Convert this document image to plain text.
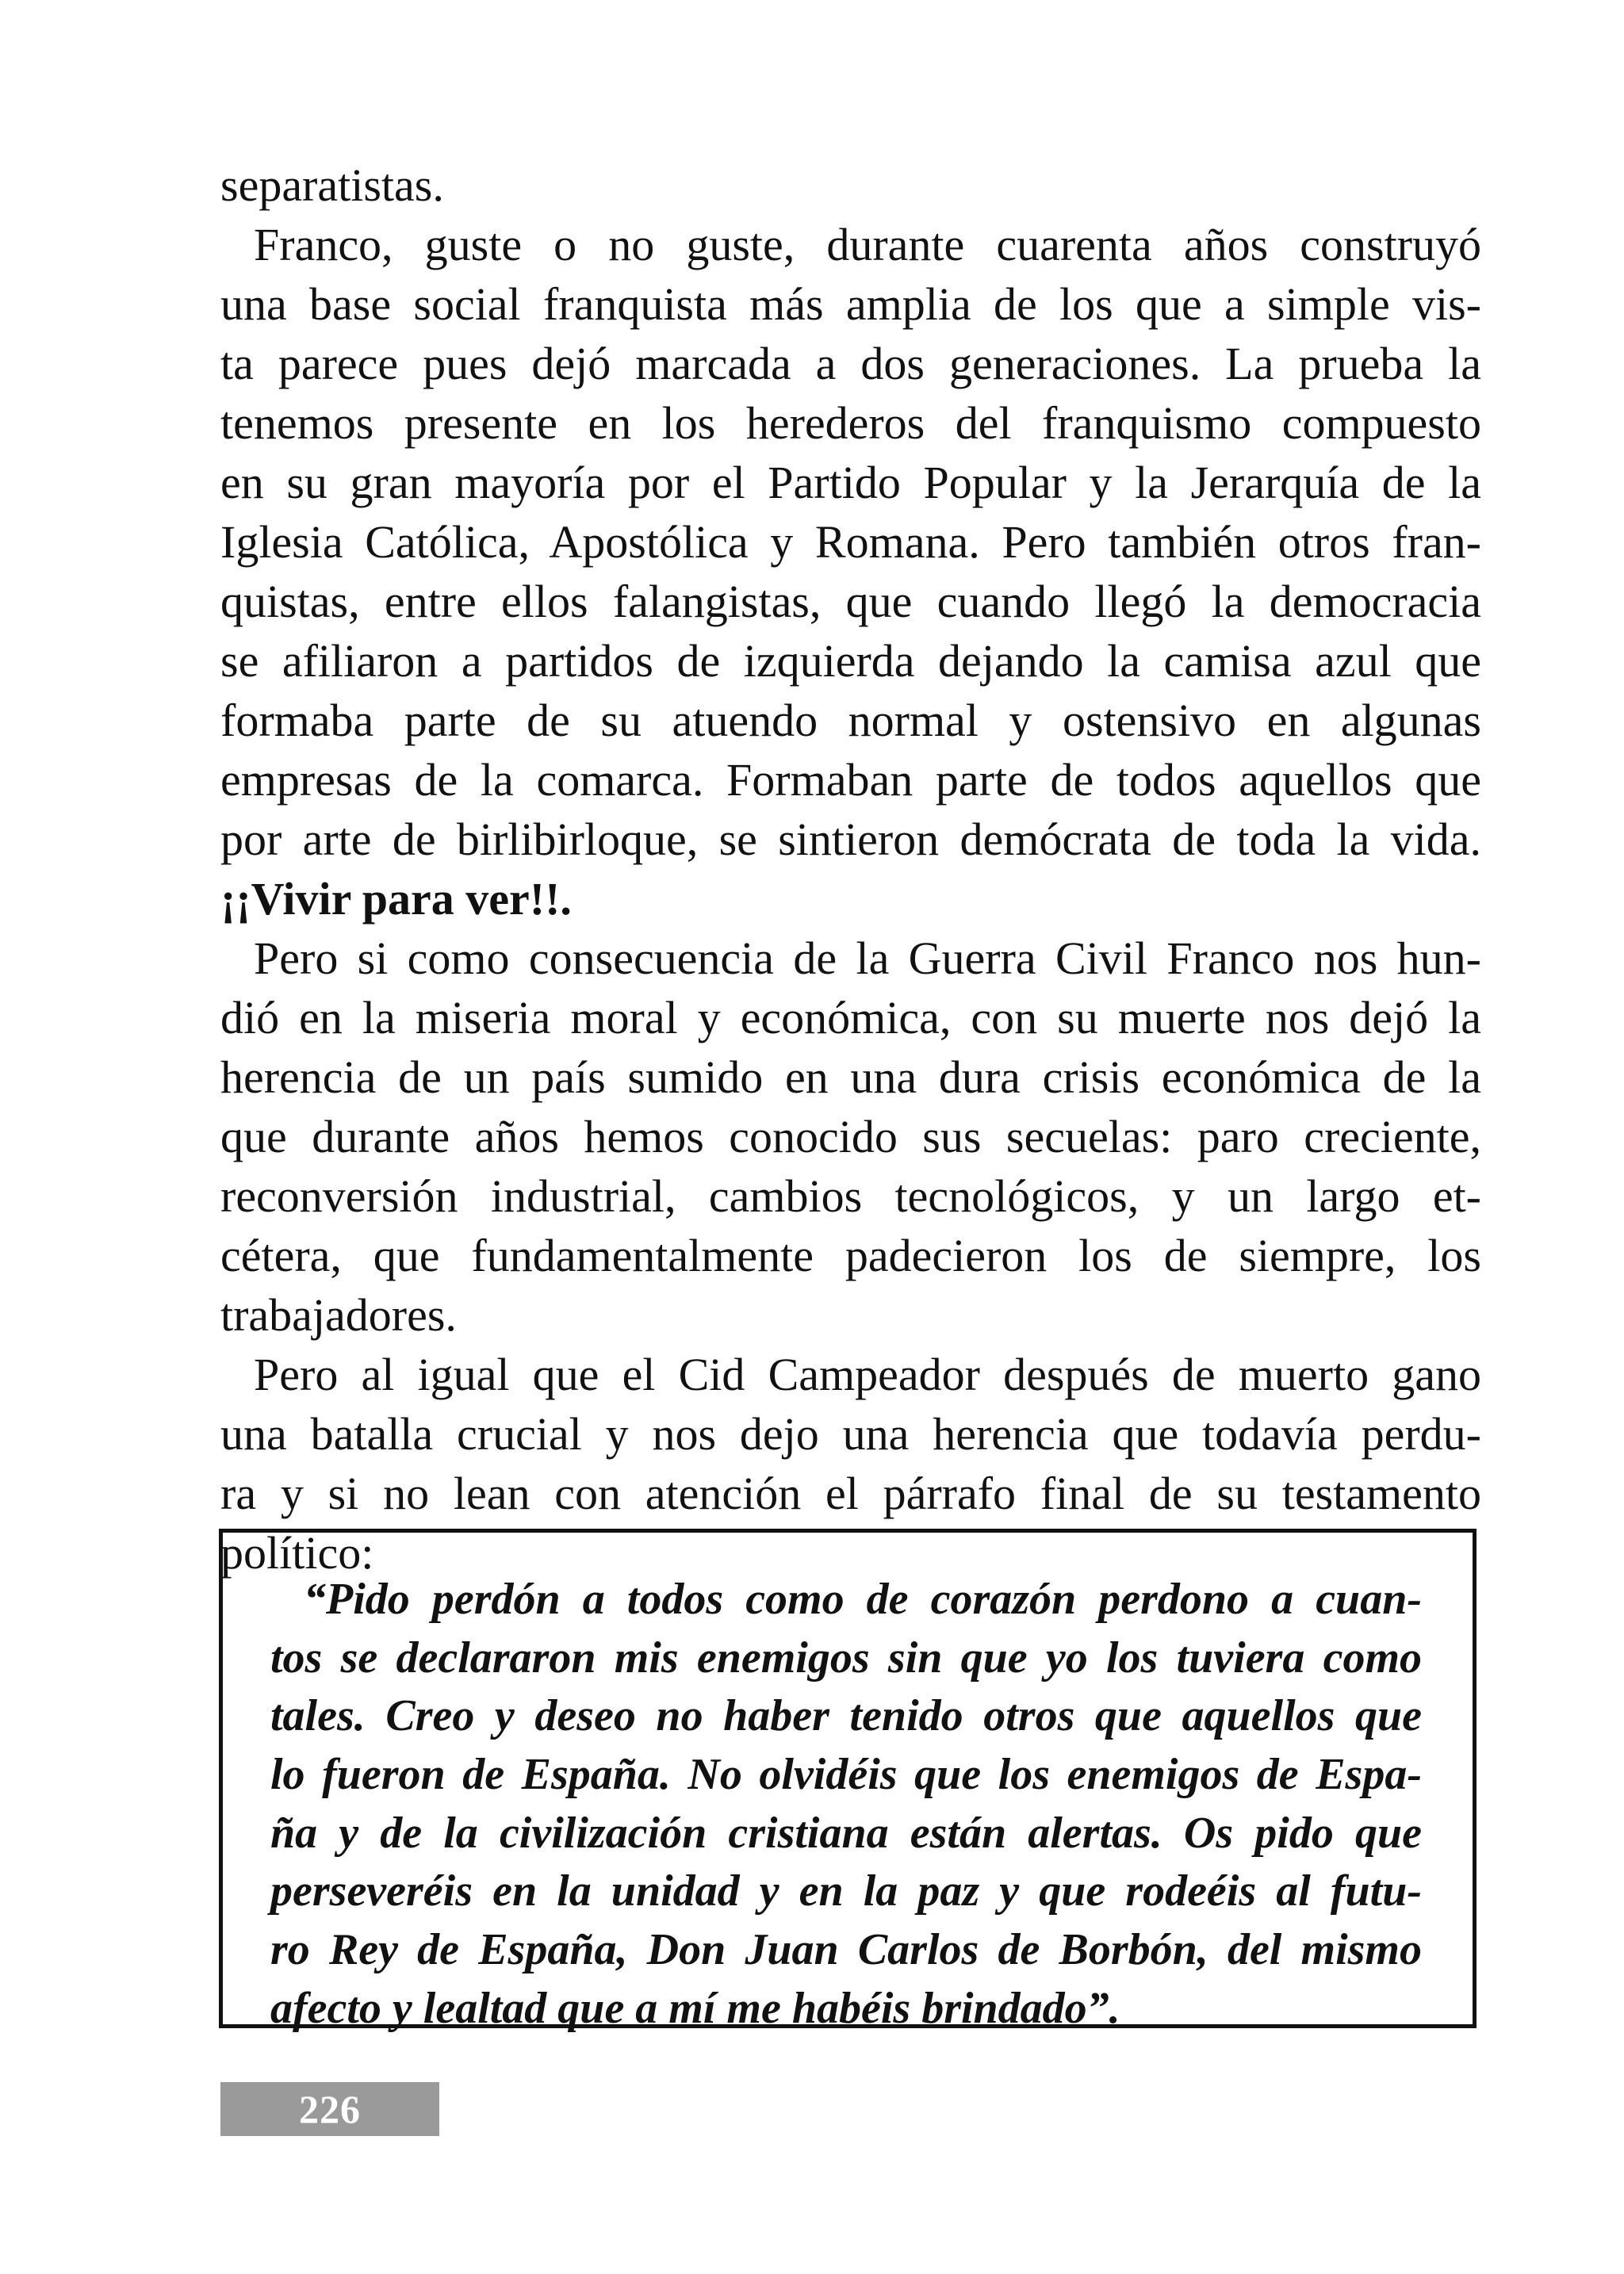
separatistas.
Franco, guste o no guste, durante cuarenta años construyó
una base social franquista más amplia de los que a simple vis-
ta parece pues dejó marcada a dos generaciones. La prueba la
tenemos presente en los herederos del franquismo compuesto
en su gran mayoría por el Partido Popular y la Jerarquía de la
Iglesia Católica, Apostólica y Romana. Pero también otros fran-
quistas, entre ellos falangistas, que cuando llegó la democracia
se afiliaron a partidos de izquierda dejando la camisa azul que
formaba parte de su atuendo normal y ostensivo en algunas
empresas de la comarca. Formaban parte de todos aquellos que
por arte de birlibirloque, se sintieron demócrata de toda la vida.
¡¡Vivir para ver!!.
Pero si como consecuencia de la Guerra Civil Franco nos hun-
dió en la miseria moral y económica, con su muerte nos dejó la
herencia de un país sumido en una dura crisis económica de la
que durante años hemos conocido sus secuelas: paro creciente,
reconversión industrial, cambios tecnológicos, y un largo et-
cétera, que fundamentalmente padecieron los de siempre, los
trabajadores.
Pero al igual que el Cid Campeador después de muerto gano
una batalla crucial y nos dejo una herencia que todavía perdu-
ra y si no lean con atención el párrafo final de su testamento
político:
“Pido perdón a todos como de corazón perdono a cuan-
tos se declararon mis enemigos sin que yo los tuviera como
tales. Creo y deseo no haber tenido otros que aquellos que
lo fueron de España. No olvidéis que los enemigos de Espa-
ña y de la civilización cristiana están alertas. Os pido que
perseveréis en la unidad y en la paz y que rodeéis al futu-
ro Rey de España, Don Juan Carlos de Borbón, del mismo
afecto y lealtad que a mí me habéis brindado”.
226
